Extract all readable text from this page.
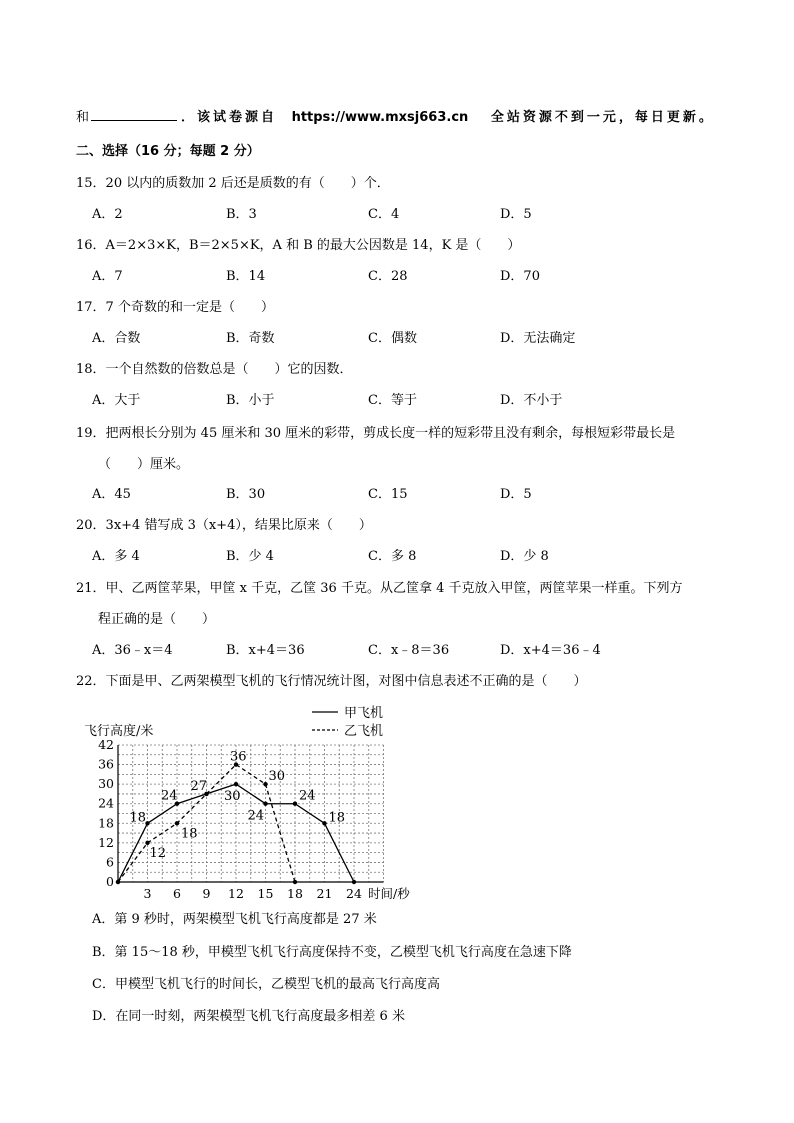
和	．该试卷源自 https://www.mxsj663.cn 全站资源不到一元，每日更新。
二、选择（16 分；每题 2 分）
15．20 以内的质数加 2 后还是质数的有（　　）个．
A．2	B．3	C．4	D．5
16．A＝2×3×K，B＝2×5×K，A 和 B 的最大公因数是 14，K 是（　　）
A．7	B．14	C．28	D．70
17．7 个奇数的和一定是（　　）
A．合数	B．奇数	C．偶数	D．无法确定
18．一个自然数的倍数总是（　　）它的因数．
A．大于	B．小于	C．等于	D．不小于
19．把两根长分别为 45 厘米和 30 厘米的彩带，剪成长度一样的短彩带且没有剩余，每根短彩带最长是
（　　）厘米。
A．45	B．30	C．15	D．5
20．3x+4 错写成 3（x+4），结果比原来（　　）
A．多 4	B．少 4	C．多 8	D．少 8
21．甲、乙两筐苹果，甲筐 x 千克，乙筐 36 千克。从乙筐拿 4 千克放入甲筐，两筐苹果一样重。下列方
程正确的是（　　）
A．36﹣x＝4	B．x+4＝36	C．x﹣8＝36	D．x+4＝36﹣4
22．下面是甲、乙两架模型飞机的飞行情况统计图，对图中信息表述不正确的是（　　）
0
6
12
18
24
30
36
42
3 6 9 12 15 18 21 24 时间/秒
飞行高度/米
甲飞机
乙飞机
18
24
27
30
24
24
18
12
18
36
30
A．第 9 秒时，两架模型飞机飞行高度都是 27 米
B．第 15～18 秒，甲模型飞机飞行高度保持不变，乙模型飞机飞行高度在急速下降
C．甲模型飞机飞行的时间长，乙模型飞机的最高飞行高度高
D．在同一时刻，两架模型飞机飞行高度最多相差 6 米
